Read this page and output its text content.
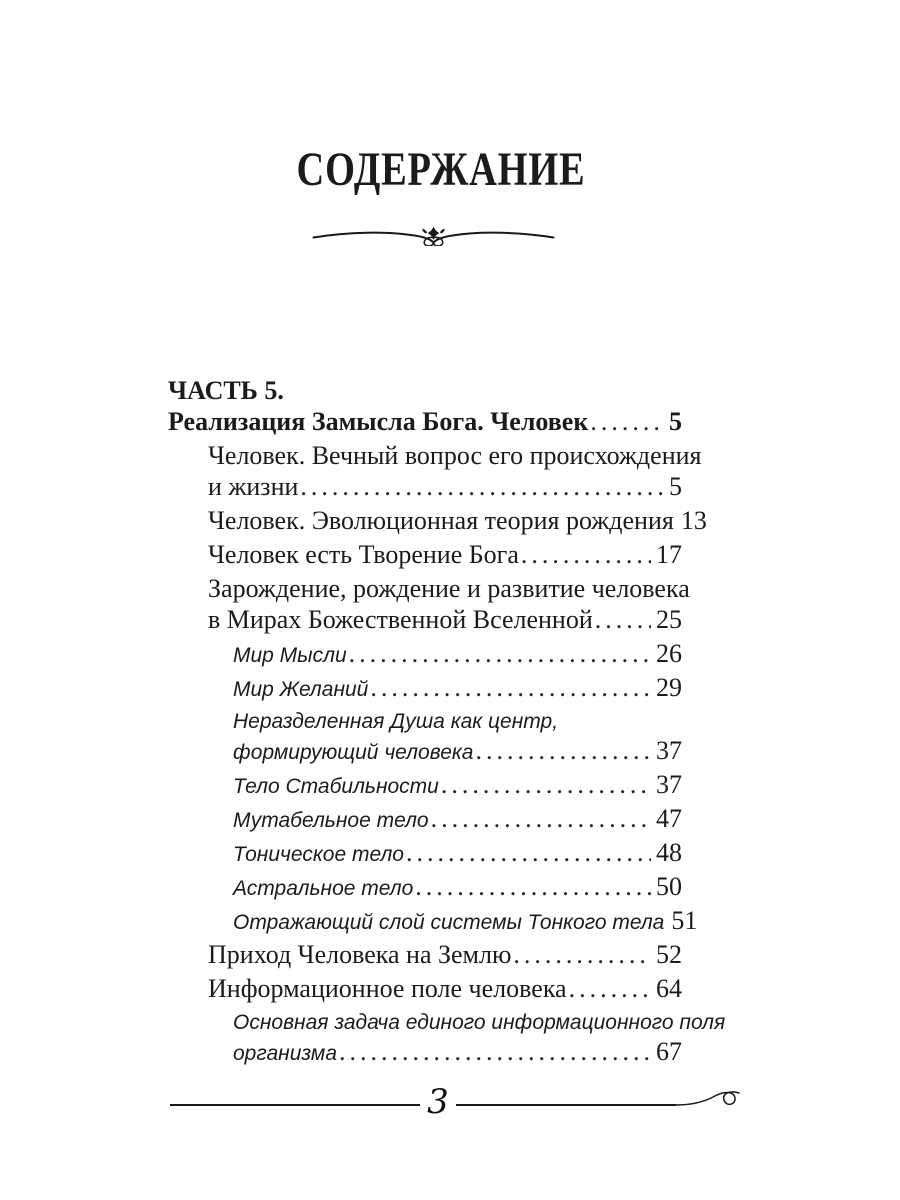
СОДЕРЖАНИЕ
ЧАСТЬ 5.
Реализация Замысла Бога. Человек .....	5
Человек. Вечный вопрос его происхождения
и жизни .....	5
Человек. Эволюционная теория рождения 13
Человек есть Творение Бога .....	17
Зарождение, рождение и развитие человека
в Мирах Божественной Вселенной ..... 25
Мир Мысли .....	26
Мир Желаний .....	29
Неразделенная Душа как центр,
формирующий человека .....	37
Тело Стабильности .....	37
Мутабельное тело .....	47
Тоническое тело .....	48
Астральное тело .....	50
Отражающий слой системы Тонкого тела 51
Приход Человека на Землю .....	52
Информационное поле человека .....	64
Основная задача единого информационного поля
организма .....	67
3
